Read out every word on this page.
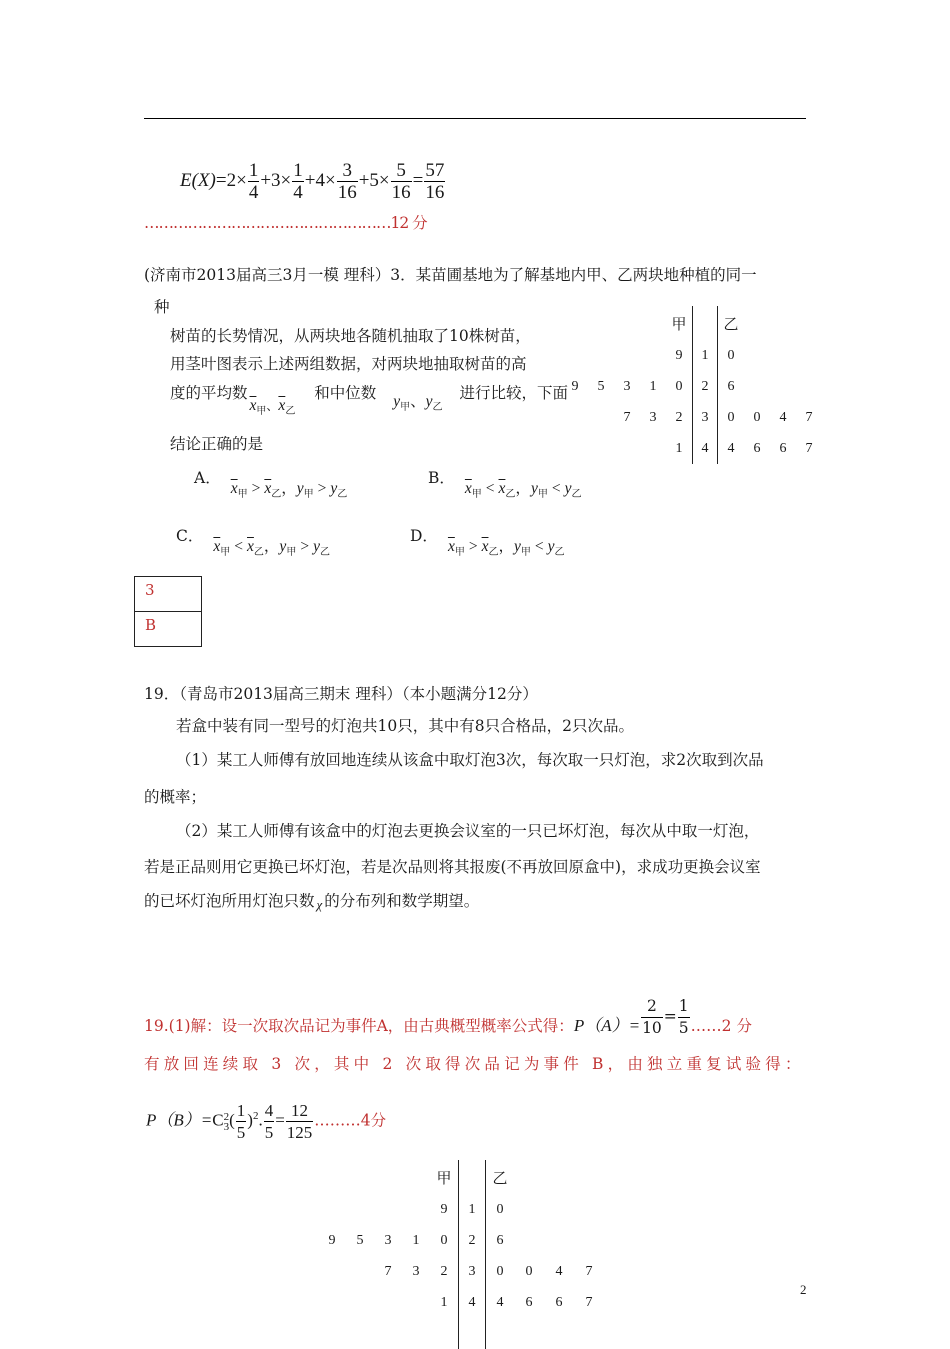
$E(X)=2\times \frac{1}{4} +3\times \frac{1}{4} +4\times \frac{3}{16} +5\times \frac{5}{16} = \frac{57}{16}$
……………………………………………12 分
(济南市2013届高三3月一模 理科）3．某苗圃基地为了解基地内甲、乙两块地种植的同一
种
树苗的长势情况，从两块地各随机抽取了10株树苗，
用茎叶图表示上述两组数据，对两块地抽取树苗的高
度的平均数$\overline{x}_{甲、}\overline{x}_乙$ 和中位数 $y_甲$、$y_乙$ 进行比较，下面
结论正确的是
A．$\overline{x}_甲 > \overline{x}_乙$，$y_甲 > y_乙$
B．$\overline{x}_甲 < \overline{x}_乙$，$y_甲 < y_乙$
C．$\overline{x}_甲 < \overline{x}_乙$，$y_甲 > y_乙$
D．$\overline{x}_甲 > \overline{x}_乙$，$y_甲 < y_乙$
3
B
				甲		乙			
				9	1	0			
9	5	3	1	0	2	6			
		7	3	2	3	0	0	4	7
				1	4	4	6	6	7
19．（青岛市2013届高三期末 理科）（本小题满分12分）
若盒中装有同一型号的灯泡共10只，其中有8只合格品，2只次品。
（1）某工人师傅有放回地连续从该盒中取灯泡3次，每次取一只灯泡，求2次取到次品
的概率；
（2）某工人师傅有该盒中的灯泡去更换会议室的一只已坏灯泡，每次从中取一灯泡，
若是正品则用它更换已坏灯泡，若是次品则将其报废(不再放回原盒中)，求成功更换会议室
的已坏灯泡所用灯泡只数 χ 的分布列和数学期望。
19.(1)解：设一次取次品记为事件A，由古典概型概率公式得：$P(A)= \frac{2}{10} = \frac{1}{5}$ ……2 分
有放回连续取 3 次，其中 2 次取得次品记为事件 B，由独立重复试验得：
P（B）=C 2
3 ( $\frac{1}{5} )^2$. $\frac{4}{5} = \frac{12}{125}$ ………4分
				甲		乙			
				9	1	0			
9	5	3	1	0	2	6			
		7	3	2	3	0	0	4	7
				1	4	4	6	6	7

2
